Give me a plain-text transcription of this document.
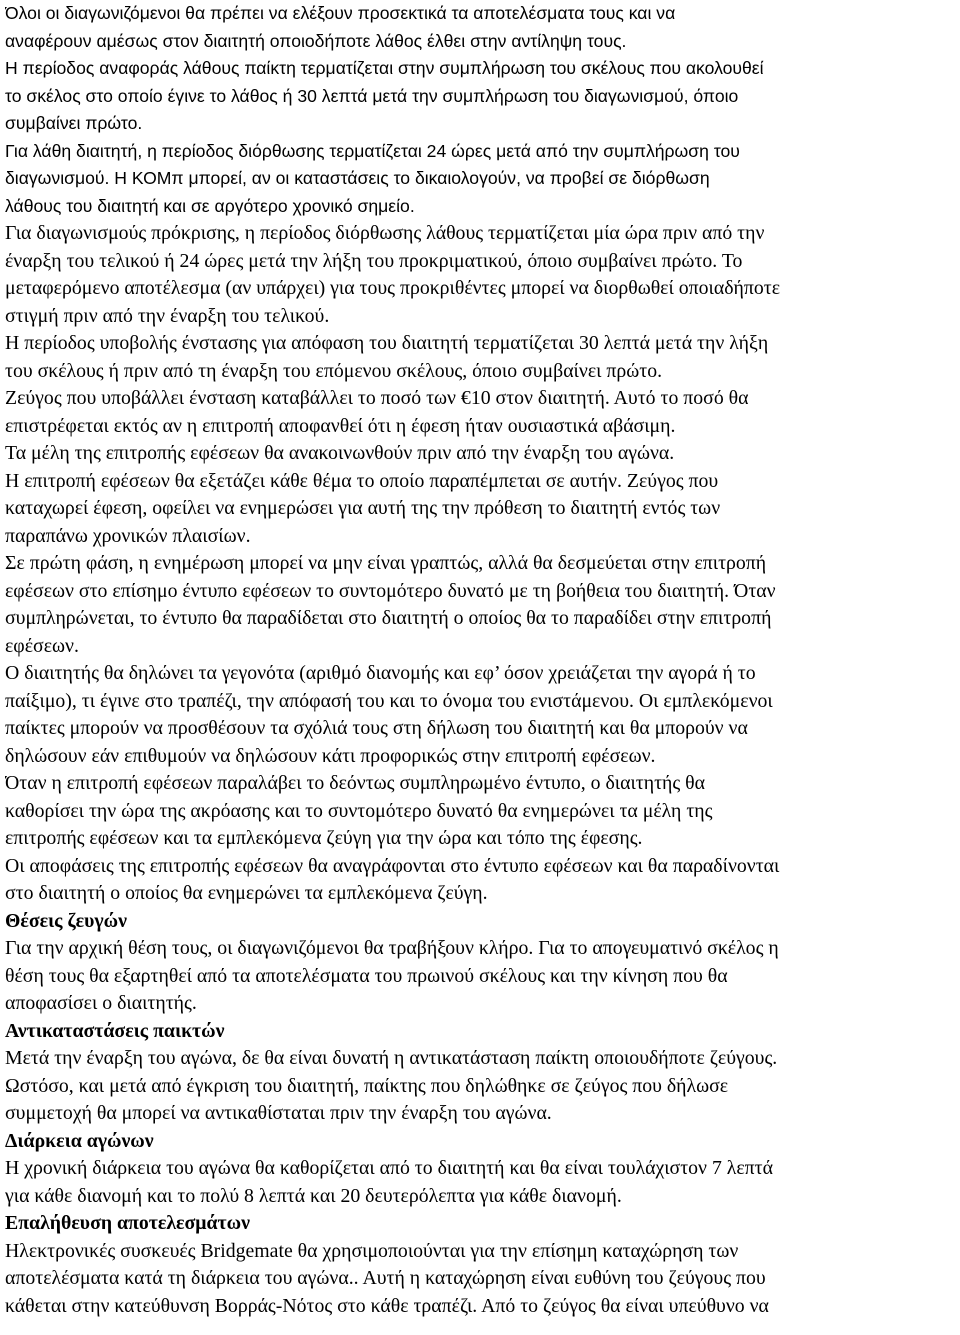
Όλοι οι διαγωνιζόμενοι θα πρέπει να ελέξουν προσεκτικά τα αποτελέσματα τους και να
αναφέρουν αμέσως στον διαιτητή οποιοδήποτε λάθος έλθει στην αντίληψη τους.
Η περίοδος αναφοράς λάθους παίκτη τερματίζεται στην συμπλήρωση του σκέλους που ακολουθεί
το σκέλος στο οποίο έγινε το λάθος ή 30 λεπτά μετά την συμπλήρωση του διαγωνισμού, όποιο
συμβαίνει πρώτο.
Για λάθη διαιτητή, η περίοδος διόρθωσης τερματίζεται 24 ώρες μετά από την συμπλήρωση του
διαγωνισμού. Η ΚΟΜπ μπορεί, αν οι καταστάσεις το δικαιολογούν, να προβεί σε διόρθωση
λάθους του διαιτητή και σε αργότερο χρονικό σημείο.
Για διαγωνισμούς πρόκρισης, η περίοδος διόρθωσης λάθους τερματίζεται μία ώρα πριν από την
έναρξη του τελικού ή 24 ώρες μετά την λήξη του προκριματικού, όποιο συμβαίνει πρώτο. Το
μεταφερόμενο αποτέλεσμα (αν υπάρχει) για τους προκριθέντες μπορεί να διορθωθεί οποιαδήποτε
στιγμή πριν από την έναρξη του τελικού.
Η περίοδος υποβολής ένστασης για απόφαση του διαιτητή τερματίζεται 30 λεπτά μετά την λήξη
του σκέλους ή πριν από τη έναρξη του επόμενου σκέλους, όποιο συμβαίνει πρώτο.
Ζεύγος που υποβάλλει ένσταση καταβάλλει το ποσό των €10 στον διαιτητή. Αυτό το ποσό θα
επιστρέφεται εκτός αν η επιτροπή αποφανθεί ότι η έφεση ήταν ουσιαστικά αβάσιμη.
Τα μέλη της επιτροπής εφέσεων θα ανακοινωνθούν πριν από την έναρξη του αγώνα.
Η επιτροπή εφέσεων θα εξετάζει κάθε θέμα το οποίο παραπέμπεται σε αυτήν. Ζεύγος που
καταχωρεί έφεση, οφείλει να ενημερώσει για αυτή της την πρόθεση το διαιτητή εντός των
παραπάνω χρονικών πλαισίων.
Σε πρώτη φάση, η ενημέρωση μπορεί να μην είναι γραπτώς, αλλά θα δεσμεύεται στην επιτροπή
εφέσεων στο επίσημο έντυπο εφέσεων το συντομότερο δυνατό με τη βοήθεια του διαιτητή. Όταν
συμπληρώνεται, το έντυπο θα παραδίδεται στο διαιτητή ο οποίος θα το παραδίδει στην επιτροπή
εφέσεων.
Ο διαιτητής θα δηλώνει τα γεγονότα (αριθμό διανομής και εφ’ όσον χρειάζεται την αγορά ή το
παίξιμο), τι έγινε στο τραπέζι, την απόφασή του και το όνομα του ενιστάμενου. Οι εμπλεκόμενοι
παίκτες μπορούν να προσθέσουν τα σχόλιά τους στη δήλωση του διαιτητή και θα μπορούν να
δηλώσουν εάν επιθυμούν να δηλώσουν κάτι προφορικώς στην επιτροπή εφέσεων.
Όταν η επιτροπή εφέσεων παραλάβει το δεόντως συμπληρωμένο έντυπο, ο διαιτητής θα
καθορίσει την ώρα της ακρόασης και το συντομότερο δυνατό θα ενημερώνει τα μέλη της
επιτροπής εφέσεων και τα εμπλεκόμενα ζεύγη για την ώρα και τόπο της έφεσης.
Οι αποφάσεις της επιτροπής εφέσεων θα αναγράφονται στο έντυπο εφέσεων και θα παραδίνονται
στο διαιτητή ο οποίος θα ενημερώνει τα εμπλεκόμενα ζεύγη.
Θέσεις ζευγών
Για την αρχική θέση τους, οι διαγωνιζόμενοι θα τραβήξουν κλήρο. Για το απογευματινό σκέλος η
θέση τους θα εξαρτηθεί από τα αποτελέσματα του πρωινού σκέλους και την κίνηση που θα
αποφασίσει ο διαιτητής.
Αντικαταστάσεις παικτών
Μετά την έναρξη του αγώνα, δε θα είναι δυνατή η αντικατάσταση παίκτη οποιουδήποτε ζεύγους.
Ωστόσο, και μετά από έγκριση του διαιτητή, παίκτης που δηλώθηκε σε ζεύγος που δήλωσε
συμμετοχή θα μπορεί να αντικαθίσταται πριν την έναρξη του αγώνα.
Διάρκεια αγώνων
Η χρονική διάρκεια του αγώνα θα καθορίζεται από το διαιτητή και θα είναι τουλάχιστον 7 λεπτά
για κάθε διανομή και το πολύ 8 λεπτά και 20 δευτερόλεπτα για κάθε διανομή.
Επαλήθευση αποτελεσμάτων
Ηλεκτρονικές συσκευές Bridgemate θα χρησιμοποιούνται για την επίσημη καταχώρηση των
αποτελέσματα κατά τη διάρκεια του αγώνα.. Αυτή η καταχώρηση είναι ευθύνη του ζεύγους που
κάθεται στην κατεύθυνση Βορράς-Νότος στο κάθε τραπέζι. Από το ζεύγος θα είναι υπεύθυνο να
